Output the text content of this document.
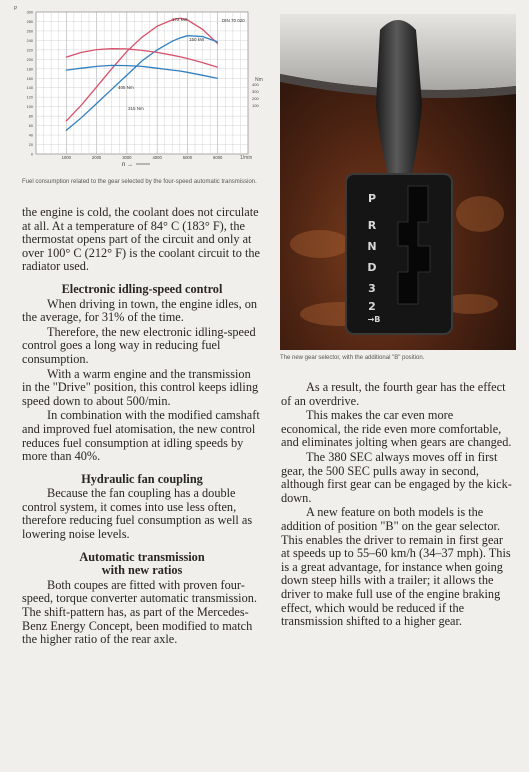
300
280
260
240
220
200
180
160
140
120
100
80
60
40
20
0
400
300
200
100
1000	2000	3000	4000	5000	6000
P
Nm
1/min
n →
172 kW
150 kW
DIN 70 020
405 Nm
315 Nm
Fuel consumption related to the gear selected by the four-speed automatic transmission.
P
R
N
D
3
2
→B
The new gear selector, with the additional "B" position.

the engine is cold, the coolant does not circulate at all. At a temperature of 84° C (183° F), the thermostat opens part of the circuit and only at over 100° C (212° F) is the coolant circuit to the radiator used.

Electronic idling-speed control

When driving in town, the engine idles, on the average, for 31% of the time.

Therefore, the new electronic idling-speed control goes a long way in reducing fuel consumption.

With a warm engine and the transmission in the "Drive" position, this control keeps idling speed down to about 500/min.

In combination with the modified camshaft and improved fuel atomisation, the new control reduces fuel consumption at idling speeds by more than 40%.

Hydraulic fan coupling

Because the fan coupling has a double control system, it comes into use less often, therefore reducing fuel consumption as well as lowering noise levels.

Automatic transmission
with new ratios

Both coupes are fitted with proven four-speed, torque converter automatic transmission. The shift-pattern has, as part of the Mercedes-Benz Energy Concept, been modified to match the higher ratio of the rear axle.

As a result, the fourth gear has the effect of an overdrive.

This makes the car even more economical, the ride even more comfortable, and eliminates jolting when gears are changed.

The 380 SEC always moves off in first gear, the 500 SEC pulls away in second, although first gear can be engaged by the kick-down.

A new feature on both models is the addition of position "B" on the gear selector. This enables the driver to remain in first gear at speeds up to 55–60 km/h (34–37 mph). This is a great advantage, for instance when going down steep hills with a trailer; it allows the driver to make full use of the engine braking effect, which would be reduced if the transmission shifted to a higher gear.
